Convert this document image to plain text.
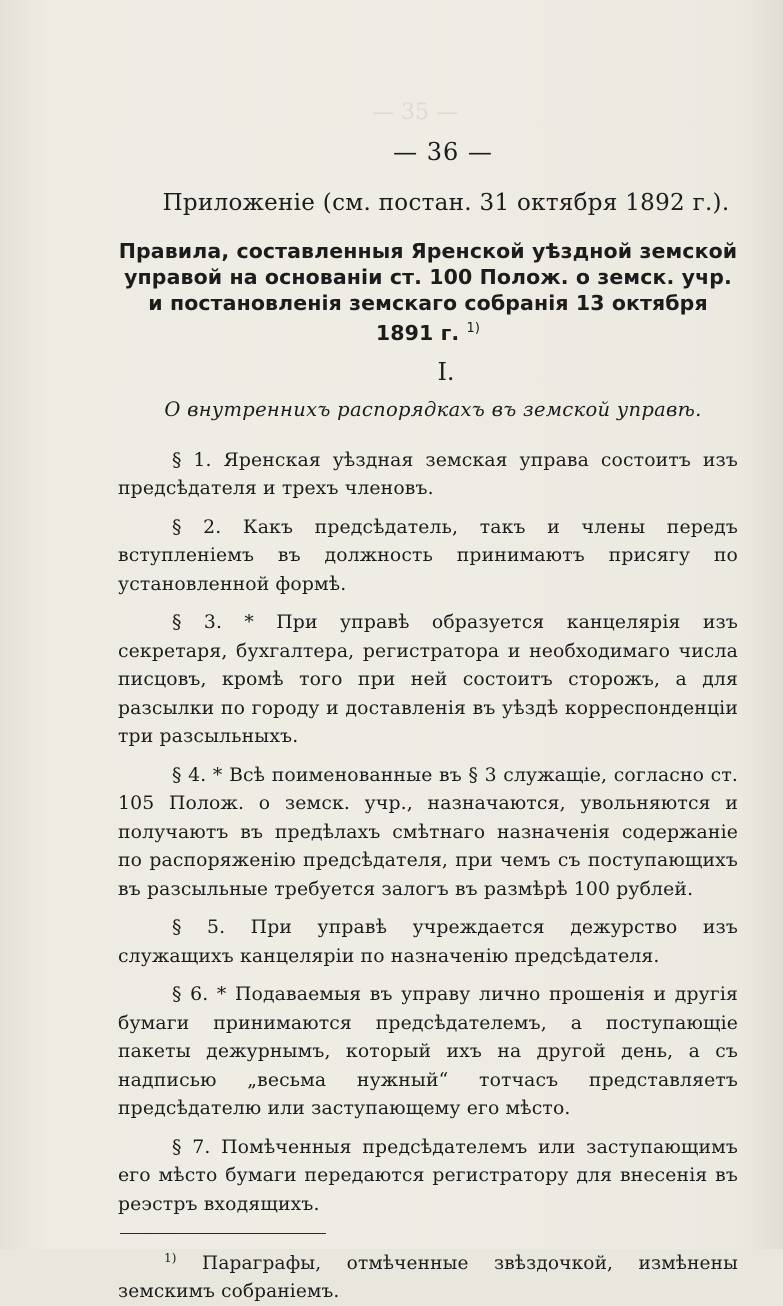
— 35 —
— 36 —
Приложеніе (см. постан. 31 октября 1892 г.).
Правила, составленныя Яренской уѣздной земской управой на основаніи ст. 100 Полож. о земск. учр. и постановленія земскаго собранія 13 октября 1891 г. $^{1)}$
I.
О внутреннихъ распорядкахъ въ земской управѣ.

§ 1. Яренская уѣздная земская управа состоитъ изъ предсѣдателя и трехъ членовъ.

§ 2. Какъ предсѣдатель, такъ и члены передъ вступленіемъ въ должность принимаютъ присягу по установленной формѣ.

§ 3. * При управѣ образуется канцелярія изъ секретаря, бухгалтера, регистратора и необходимаго числа писцовъ, кромѣ того при ней состоитъ сторожъ, а для разсылки по городу и доставленія въ уѣздѣ корреспонденціи три разсыльныхъ.

§ 4. * Всѣ поименованные въ § 3 служащіе, согласно ст. 105 Полож. о земск. учр., назначаются, увольняются и получаютъ въ предѣлахъ смѣтнаго назначенія содержаніе по распоряженію предсѣдателя, при чемъ съ поступающихъ въ разсыльные требуется залогъ въ размѣрѣ 100 рублей.

§ 5. При управѣ учреждается дежурство изъ служащихъ канцеляріи по назначенію предсѣдателя.

§ 6. * Подаваемыя въ управу лично прошенія и другія бумаги принимаются предсѣдателемъ, а поступающіе пакеты дежурнымъ, который ихъ на другой день, а съ надписью „весьма нужный“ тотчасъ представляетъ предсѣдателю или заступающему его мѣсто.

§ 7. Помѣченныя предсѣдателемъ или заступающимъ его мѣсто бумаги передаются регистратору для внесенія въ реэстръ входящихъ.

$^{1)}$ Параграфы, отмѣченные звѣздочкой, измѣнены земскимъ собраніемъ.
